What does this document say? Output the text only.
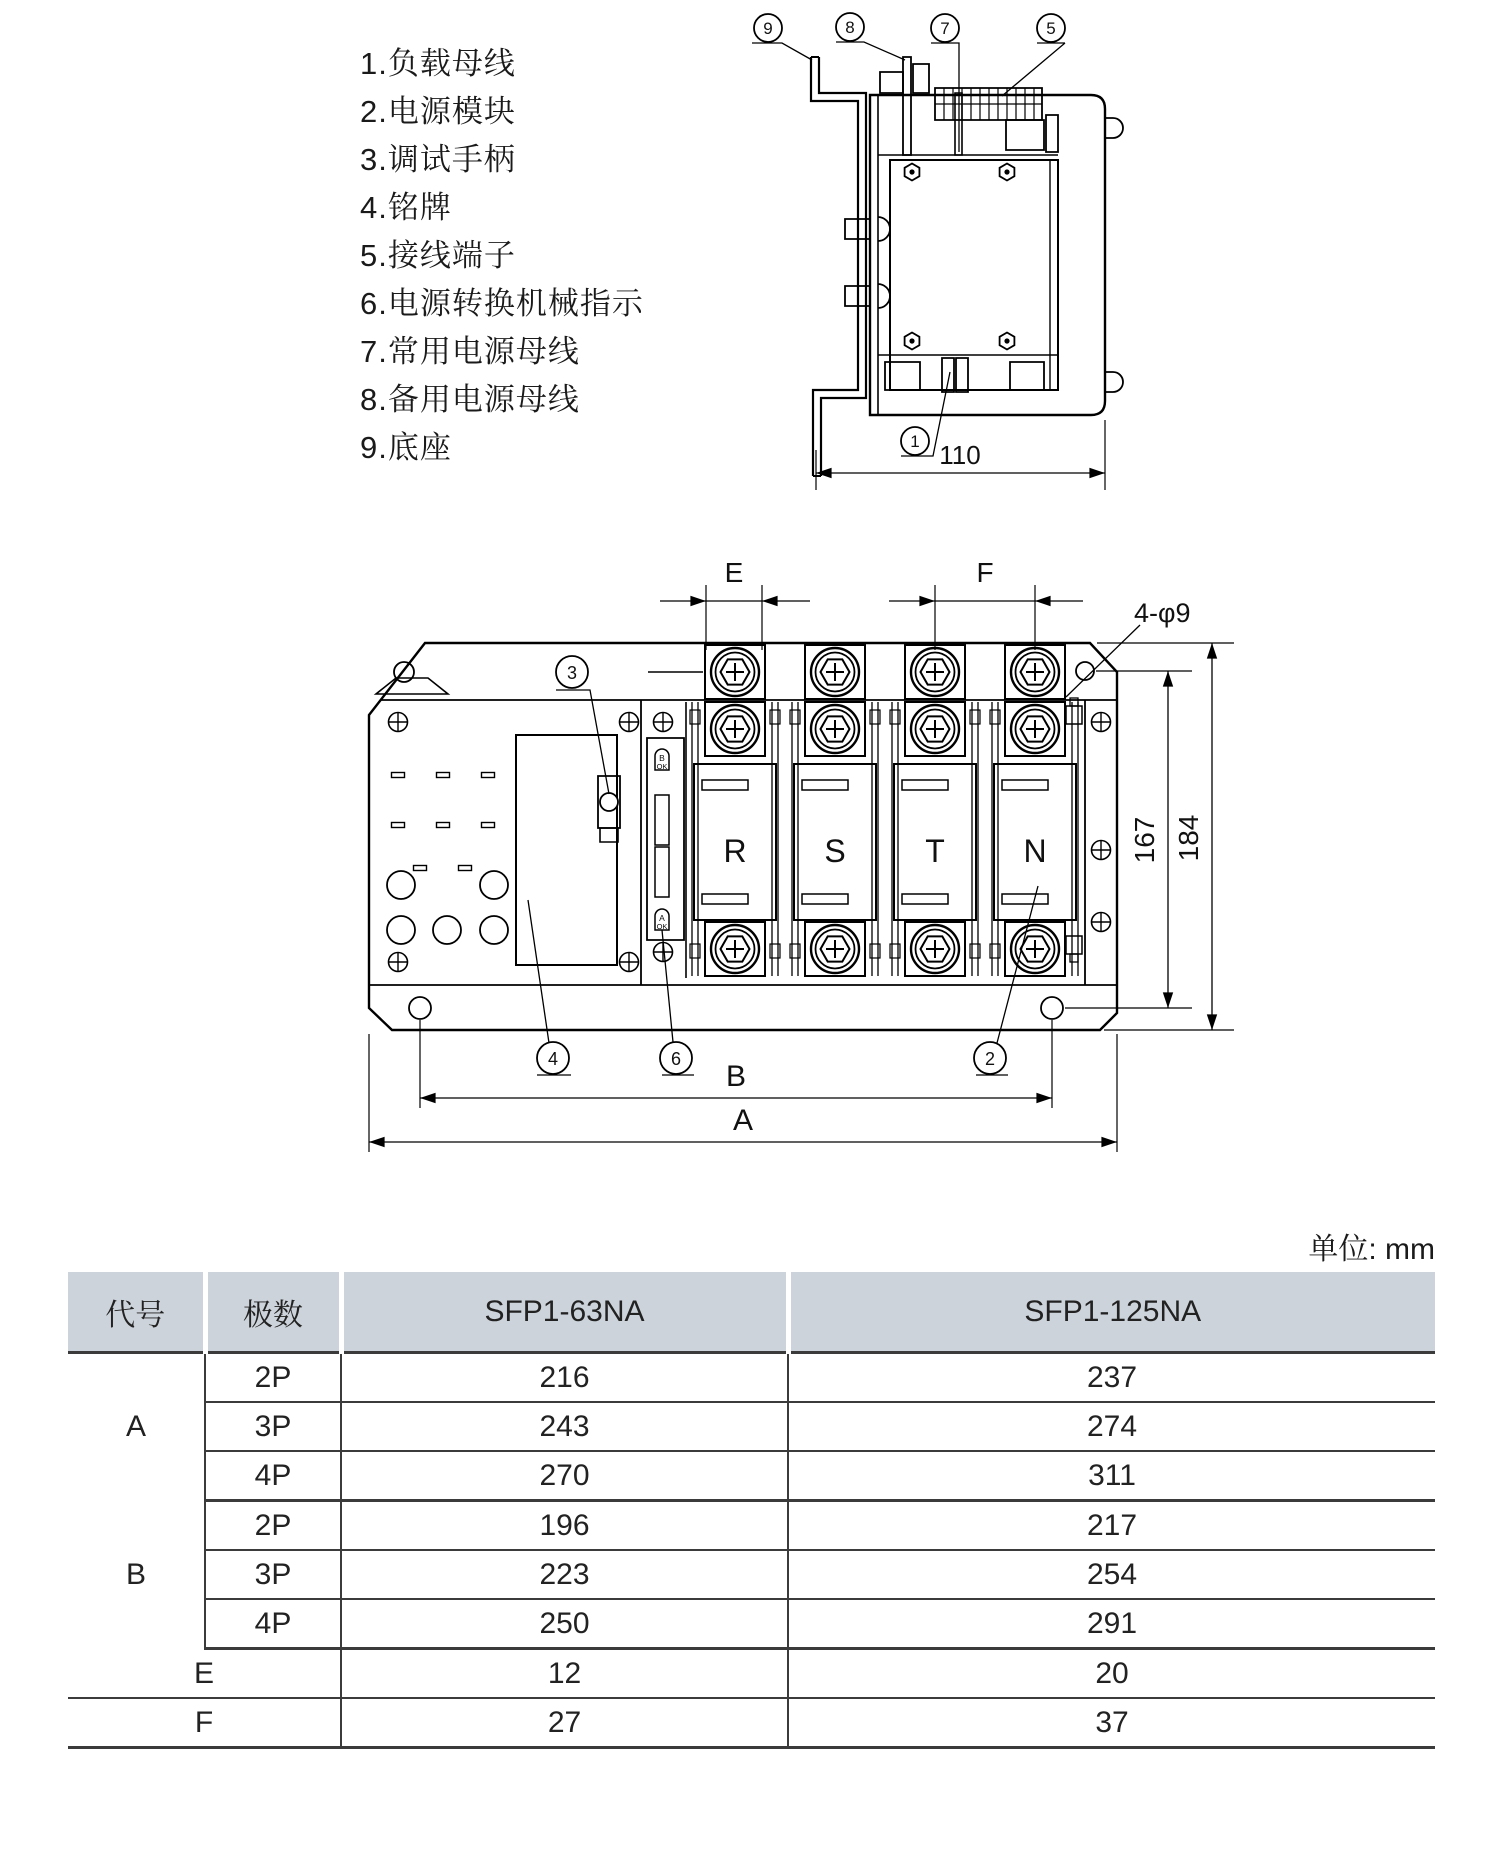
1.负载母线
2.电源模块
3.调试手柄
4.铭牌
5.接线端子
6.电源转换机械指示
7.常用电源母线
8.备用电源母线
9.底座
9	8	7	5
1 110
R S T N
B
OK
A
OK
3
4	6	2
E	F
4-φ9
167 184
B
A
单位: mm
代号	极数	SFP1-63NA	SFP1-125NA
A	2P	216	237
	3P	243	274
	4P	270	311
B	2P	196	217
	3P	223	254
	4P	250	291
E		12	20
F		27	37
